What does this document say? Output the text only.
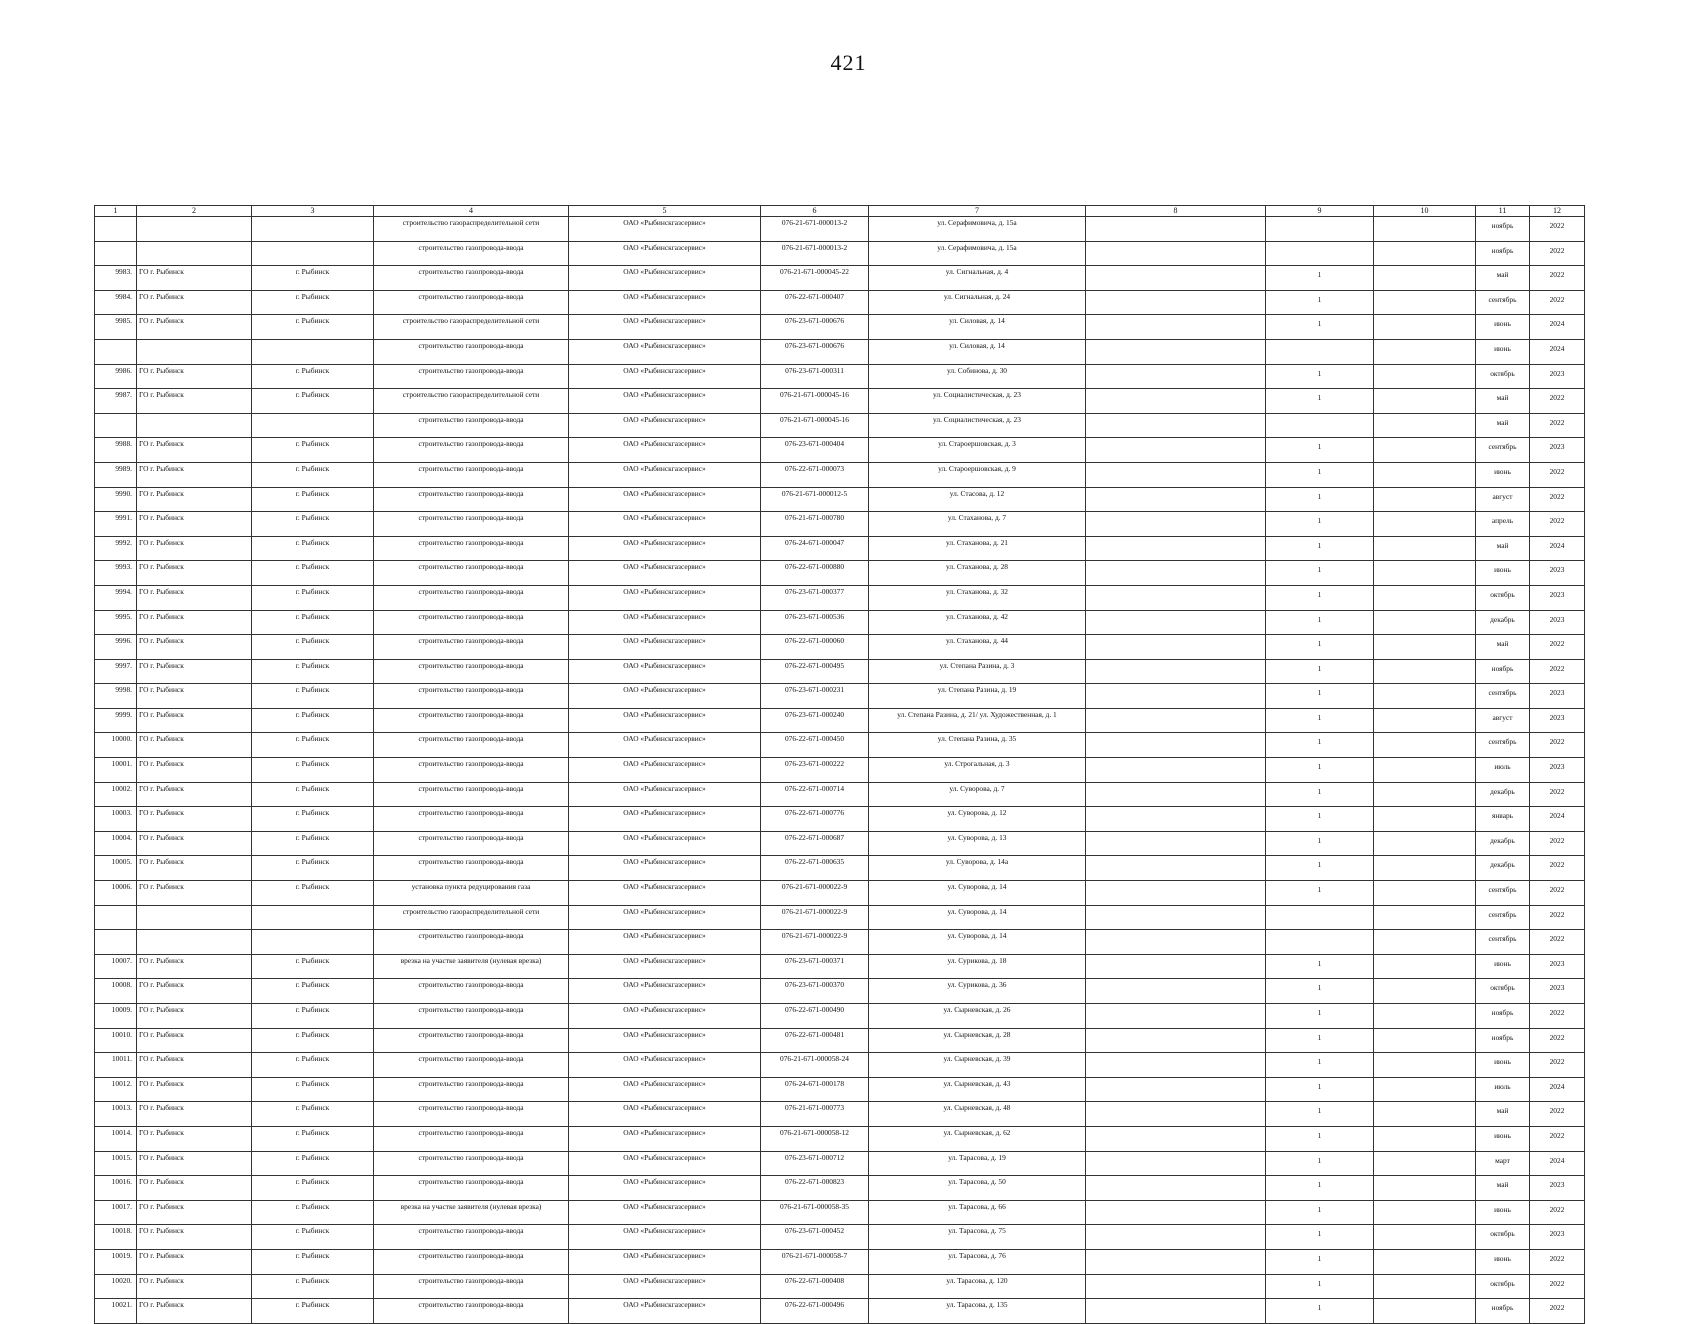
421
1	2	3	4	5	6	7	8	9	10	11	12
			строительство газораспределительной сети	ОАО «Рыбинскгазсервис»	076-21-671-000013-2	ул. Серафимовича, д. 15а				ноябрь	2022
			строительство газопровода-ввода	ОАО «Рыбинскгазсервис»	076-21-671-000013-2	ул. Серафимовича, д. 15а				ноябрь	2022
9983.	ГО г. Рыбинск	г. Рыбинск	строительство газопровода-ввода	ОАО «Рыбинскгазсервис»	076-21-671-000045-22	ул. Сигнальная, д. 4		1		май	2022
9984.	ГО г. Рыбинск	г. Рыбинск	строительство газопровода-ввода	ОАО «Рыбинскгазсервис»	076-22-671-000407	ул. Сигнальная, д. 24		1		сентябрь	2022
9985.	ГО г. Рыбинск	г. Рыбинск	строительство газораспределительной сети	ОАО «Рыбинскгазсервис»	076-23-671-000676	ул. Силовая, д. 14		1		июнь	2024
			строительство газопровода-ввода	ОАО «Рыбинскгазсервис»	076-23-671-000676	ул. Силовая, д. 14				июнь	2024
9986.	ГО г. Рыбинск	г. Рыбинск	строительство газопровода-ввода	ОАО «Рыбинскгазсервис»	076-23-671-000311	ул. Собинова, д. 30		1		октябрь	2023
9987.	ГО г. Рыбинск	г. Рыбинск	строительство газораспределительной сети	ОАО «Рыбинскгазсервис»	076-21-671-000045-16	ул. Социалистическая, д. 23		1		май	2022
			строительство газопровода-ввода	ОАО «Рыбинскгазсервис»	076-21-671-000045-16	ул. Социалистическая, д. 23				май	2022
9988.	ГО г. Рыбинск	г. Рыбинск	строительство газопровода-ввода	ОАО «Рыбинскгазсервис»	076-23-671-000404	ул. Староершовская, д. 3		1		сентябрь	2023
9989.	ГО г. Рыбинск	г. Рыбинск	строительство газопровода-ввода	ОАО «Рыбинскгазсервис»	076-22-671-000073	ул. Староершовская, д. 9		1		июнь	2022
9990.	ГО г. Рыбинск	г. Рыбинск	строительство газопровода-ввода	ОАО «Рыбинскгазсервис»	076-21-671-000012-5	ул. Стасова, д. 12		1		август	2022
9991.	ГО г. Рыбинск	г. Рыбинск	строительство газопровода-ввода	ОАО «Рыбинскгазсервис»	076-21-671-000780	ул. Стаханова, д. 7		1		апрель	2022
9992.	ГО г. Рыбинск	г. Рыбинск	строительство газопровода-ввода	ОАО «Рыбинскгазсервис»	076-24-671-000047	ул. Стаханова, д. 21		1		май	2024
9993.	ГО г. Рыбинск	г. Рыбинск	строительство газопровода-ввода	ОАО «Рыбинскгазсервис»	076-22-671-000880	ул. Стаханова, д. 28		1		июнь	2023
9994.	ГО г. Рыбинск	г. Рыбинск	строительство газопровода-ввода	ОАО «Рыбинскгазсервис»	076-23-671-000377	ул. Стаханова, д. 32		1		октябрь	2023
9995.	ГО г. Рыбинск	г. Рыбинск	строительство газопровода-ввода	ОАО «Рыбинскгазсервис»	076-23-671-000536	ул. Стаханова, д. 42		1		декабрь	2023
9996.	ГО г. Рыбинск	г. Рыбинск	строительство газопровода-ввода	ОАО «Рыбинскгазсервис»	076-22-671-000060	ул. Стаханова, д. 44		1		май	2022
9997.	ГО г. Рыбинск	г. Рыбинск	строительство газопровода-ввода	ОАО «Рыбинскгазсервис»	076-22-671-000495	ул. Степана Разина, д. 3		1		ноябрь	2022
9998.	ГО г. Рыбинск	г. Рыбинск	строительство газопровода-ввода	ОАО «Рыбинскгазсервис»	076-23-671-000231	ул. Степана Разина, д. 19		1		сентябрь	2023
9999.	ГО г. Рыбинск	г. Рыбинск	строительство газопровода-ввода	ОАО «Рыбинскгазсервис»	076-23-671-000240	ул. Степана Разина, д. 21/ ул. Художественная, д. 1		1		август	2023
10000.	ГО г. Рыбинск	г. Рыбинск	строительство газопровода-ввода	ОАО «Рыбинскгазсервис»	076-22-671-000450	ул. Степана Разина, д. 35		1		сентябрь	2022
10001.	ГО г. Рыбинск	г. Рыбинск	строительство газопровода-ввода	ОАО «Рыбинскгазсервис»	076-23-671-000222	ул. Строгальная, д. 3		1		июль	2023
10002.	ГО г. Рыбинск	г. Рыбинск	строительство газопровода-ввода	ОАО «Рыбинскгазсервис»	076-22-671-000714	ул. Суворова, д. 7		1		декабрь	2022
10003.	ГО г. Рыбинск	г. Рыбинск	строительство газопровода-ввода	ОАО «Рыбинскгазсервис»	076-22-671-000776	ул. Суворова, д. 12		1		январь	2024
10004.	ГО г. Рыбинск	г. Рыбинск	строительство газопровода-ввода	ОАО «Рыбинскгазсервис»	076-22-671-000687	ул. Суворова, д. 13		1		декабрь	2022
10005.	ГО г. Рыбинск	г. Рыбинск	строительство газопровода-ввода	ОАО «Рыбинскгазсервис»	076-22-671-000635	ул. Суворова, д. 14а		1		декабрь	2022
10006.	ГО г. Рыбинск	г. Рыбинск	установка пункта редуцирования газа	ОАО «Рыбинскгазсервис»	076-21-671-000022-9	ул. Суворова, д. 14		1		сентябрь	2022
			строительство газораспределительной сети	ОАО «Рыбинскгазсервис»	076-21-671-000022-9	ул. Суворова, д. 14				сентябрь	2022
			строительство газопровода-ввода	ОАО «Рыбинскгазсервис»	076-21-671-000022-9	ул. Суворова, д. 14				сентябрь	2022
10007.	ГО г. Рыбинск	г. Рыбинск	врезка на участке заявителя (нулевая врезка)	ОАО «Рыбинскгазсервис»	076-23-671-000371	ул. Сурикова, д. 18		1		июнь	2023
10008.	ГО г. Рыбинск	г. Рыбинск	строительство газопровода-ввода	ОАО «Рыбинскгазсервис»	076-23-671-000370	ул. Сурикова, д. 36		1		октябрь	2023
10009.	ГО г. Рыбинск	г. Рыбинск	строительство газопровода-ввода	ОАО «Рыбинскгазсервис»	076-22-671-000490	ул. Сырневская, д. 26		1		ноябрь	2022
10010.	ГО г. Рыбинск	г. Рыбинск	строительство газопровода-ввода	ОАО «Рыбинскгазсервис»	076-22-671-000481	ул. Сырневская, д. 28		1		ноябрь	2022
10011.	ГО г. Рыбинск	г. Рыбинск	строительство газопровода-ввода	ОАО «Рыбинскгазсервис»	076-21-671-000058-24	ул. Сырневская, д. 39		1		июнь	2022
10012.	ГО г. Рыбинск	г. Рыбинск	строительство газопровода-ввода	ОАО «Рыбинскгазсервис»	076-24-671-000178	ул. Сырневская, д. 43		1		июль	2024
10013.	ГО г. Рыбинск	г. Рыбинск	строительство газопровода-ввода	ОАО «Рыбинскгазсервис»	076-21-671-000773	ул. Сырневская, д. 48		1		май	2022
10014.	ГО г. Рыбинск	г. Рыбинск	строительство газопровода-ввода	ОАО «Рыбинскгазсервис»	076-21-671-000058-12	ул. Сырневская, д. 62		1		июнь	2022
10015.	ГО г. Рыбинск	г. Рыбинск	строительство газопровода-ввода	ОАО «Рыбинскгазсервис»	076-23-671-000712	ул. Тарасова, д. 19		1		март	2024
10016.	ГО г. Рыбинск	г. Рыбинск	строительство газопровода-ввода	ОАО «Рыбинскгазсервис»	076-22-671-000823	ул. Тарасова, д. 50		1		май	2023
10017.	ГО г. Рыбинск	г. Рыбинск	врезка на участке заявителя (нулевая врезка)	ОАО «Рыбинскгазсервис»	076-21-671-000058-35	ул. Тарасова, д. 66		1		июнь	2022
10018.	ГО г. Рыбинск	г. Рыбинск	строительство газопровода-ввода	ОАО «Рыбинскгазсервис»	076-23-671-000452	ул. Тарасова, д. 75		1		октябрь	2023
10019.	ГО г. Рыбинск	г. Рыбинск	строительство газопровода-ввода	ОАО «Рыбинскгазсервис»	076-21-671-000058-7	ул. Тарасова, д. 76		1		июнь	2022
10020.	ГО г. Рыбинск	г. Рыбинск	строительство газопровода-ввода	ОАО «Рыбинскгазсервис»	076-22-671-000408	ул. Тарасова, д. 120		1		октябрь	2022
10021.	ГО г. Рыбинск	г. Рыбинск	строительство газопровода-ввода	ОАО «Рыбинскгазсервис»	076-22-671-000496	ул. Тарасова, д. 135		1		ноябрь	2022
